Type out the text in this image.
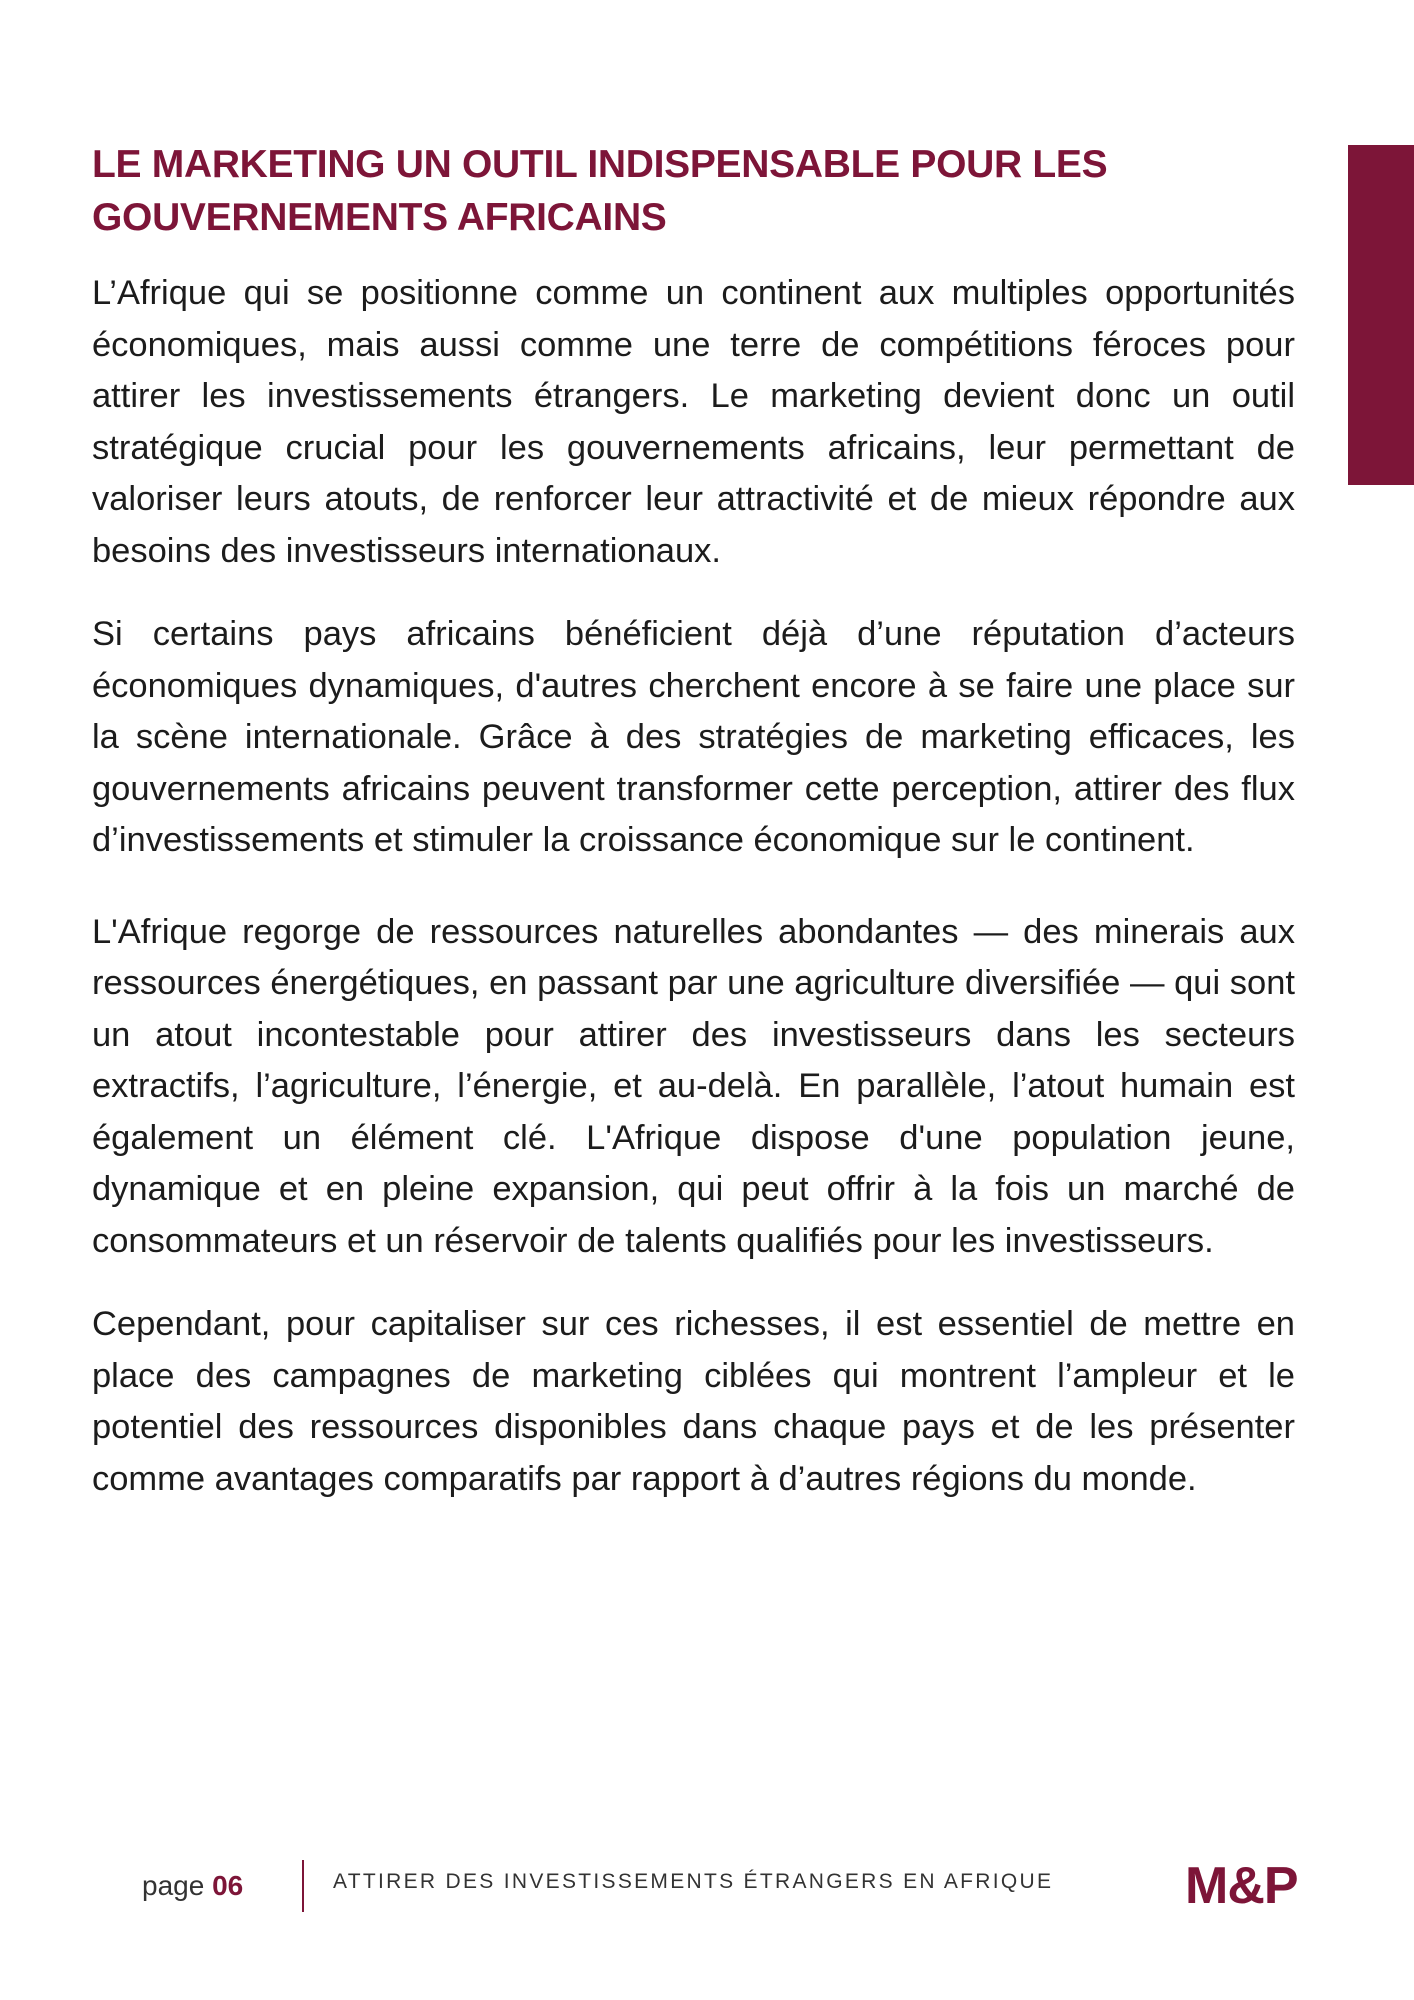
LE MARKETING UN OUTIL INDISPENSABLE POUR LES GOUVERNEMENTS AFRICAINS

L’Afrique qui se positionne comme un continent aux multiples opportunités économiques, mais aussi comme une terre de compétitions féroces pour attirer les investissements étrangers. Le marketing devient donc un outil stratégique crucial pour les gouvernements africains, leur permettant de valoriser leurs atouts, de renforcer leur attractivité et de mieux répondre aux besoins des investisseurs internationaux.

Si certains pays africains bénéficient déjà d’une réputation d’acteurs économiques dynamiques, d'autres cherchent encore à se faire une place sur la scène internationale. Grâce à des stratégies de marketing efficaces, les gouvernements africains peuvent transformer cette perception, attirer des flux d’investissements et stimuler la croissance économique sur le continent.

L'Afrique regorge de ressources naturelles abondantes — des minerais aux ressources énergétiques, en passant par une agriculture diversifiée — qui sont un atout incontestable pour attirer des investisseurs dans les secteurs extractifs, l’agriculture, l’énergie, et au-delà. En parallèle, l’atout humain est également un élément clé. L'Afrique dispose d'une population jeune, dynamique et en pleine expansion, qui peut offrir à la fois un marché de consommateurs et un réservoir de talents qualifiés pour les investisseurs.

Cependant, pour capitaliser sur ces richesses, il est essentiel de mettre en place des campagnes de marketing ciblées qui montrent l’ampleur et le potentiel des ressources disponibles dans chaque pays et de les présenter comme avantages comparatifs par rapport à d’autres régions du monde.

page 06	ATTIRER DES INVESTISSEMENTS ÉTRANGERS EN AFRIQUE	M&P
